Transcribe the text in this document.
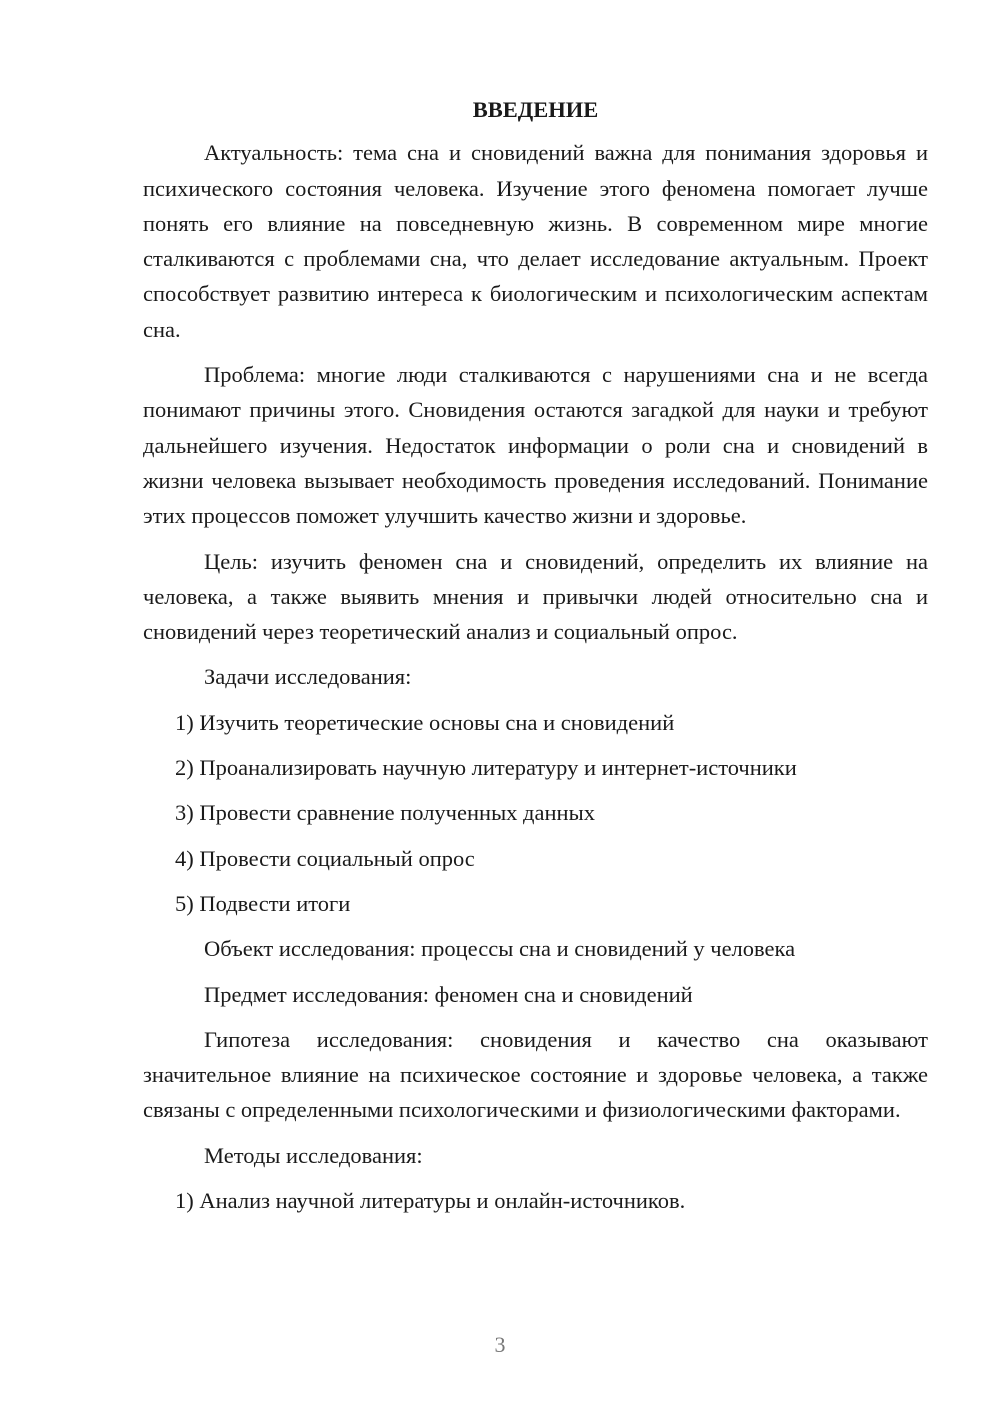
ВВЕДЕНИЕ

Актуальность: тема сна и сновидений важна для понимания здоровья и психического состояния человека. Изучение этого феномена помогает лучше понять его влияние на повседневную жизнь. В современном мире многие сталкиваются с проблемами сна, что делает исследование актуальным. Проект способствует развитию интереса к биологическим и психологическим аспектам сна.

Проблема: многие люди сталкиваются с нарушениями сна и не всегда понимают причины этого. Сновидения остаются загадкой для науки и требуют дальнейшего изучения. Недостаток информации о роли сна и сновидений в жизни человека вызывает необходимость проведения исследований. Понимание этих процессов поможет улучшить качество жизни и здоровье.

Цель: изучить феномен сна и сновидений, определить их влияние на человека, а также выявить мнения и привычки людей относительно сна и сновидений через теоретический анализ и социальный опрос.

Задачи исследования:
1) Изучить теоретические основы сна и сновидений
2) Проанализировать научную литературу и интернет-источники
3) Провести сравнение полученных данных
4) Провести социальный опрос
5) Подвести итоги
Объект исследования: процессы сна и сновидений у человека
Предмет исследования: феномен сна и сновидений

Гипотеза исследования: сновидения и качество сна оказывают значительное влияние на психическое состояние и здоровье человека, а также связаны с определенными психологическими и физиологическими факторами.

Методы исследования:
1) Анализ научной литературы и онлайн-источников.
3
